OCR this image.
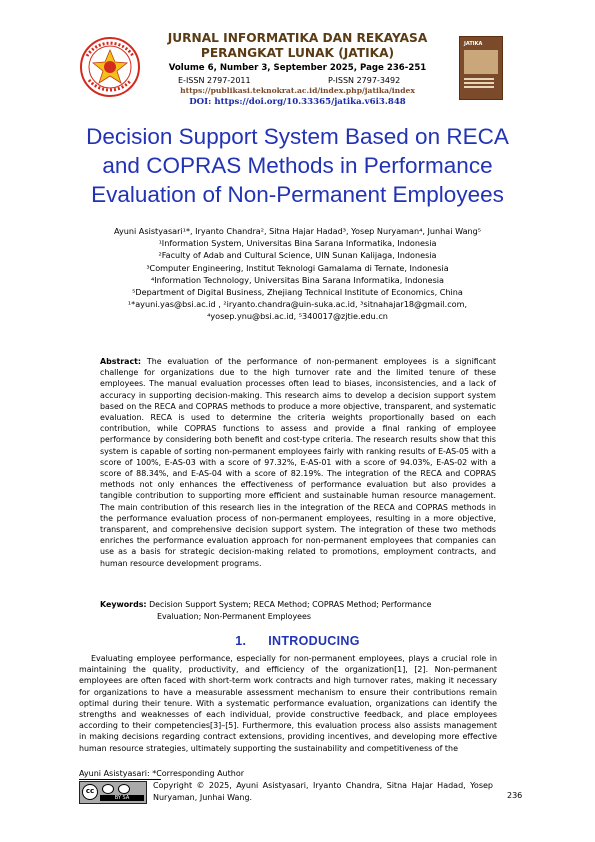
JURNAL INFORMATIKA DAN REKAYASA
PERANGKAT LUNAK (JATIKA)
Volume 6, Number 3, September 2025, Page 236-251
E-ISSN 2797-2011	P-ISSN 2797-3492
https://publikasi.teknokrat.ac.id/index.php/jatika/index
DOI: https://doi.org/10.33365/jatika.v6i3.848
JATIKA
Decision Support System Based on RECA
and COPRAS Methods in Performance
Evaluation of Non-Permanent Employees
Ayuni Asistyasari¹*, Iryanto Chandra², Sitna Hajar Hadad³, Yosep Nuryaman⁴, Junhai Wang⁵
¹Information System, Universitas Bina Sarana Informatika, Indonesia
²Faculty of Adab and Cultural Science, UIN Sunan Kalijaga, Indonesia
³Computer Engineering, Institut Teknologi Gamalama di Ternate, Indonesia
⁴Information Technology, Universitas Bina Sarana Informatika, Indonesia
⁵Department of Digital Business, Zhejiang Technical Institute of Economics, China
¹*ayuni.yas@bsi.ac.id , ²iryanto.chandra@uin-suka.ac.id, ³sitnahajar18@gmail.com,
⁴yosep.ynu@bsi.ac.id, ⁵340017@zjtie.edu.cn
Abstract: The evaluation of the performance of non-permanent employees is a significant challenge for organizations due to the high turnover rate and the limited tenure of these employees. The manual evaluation processes often lead to biases, inconsistencies, and a lack of accuracy in supporting decision-making. This research aims to develop a decision support system based on the RECA and COPRAS methods to produce a more objective, transparent, and systematic evaluation. RECA is used to determine the criteria weights proportionally based on each contribution, while COPRAS functions to assess and provide a final ranking of employee performance by considering both benefit and cost-type criteria. The research results show that this system is capable of sorting non-permanent employees fairly with ranking results of E-AS-05 with a score of 100%, E-AS-03 with a score of 97.32%, E-AS-01 with a score of 94.03%, E-AS-02 with a score of 88.34%, and E-AS-04 with a score of 82.19%. The integration of the RECA and COPRAS methods not only enhances the effectiveness of performance evaluation but also provides a tangible contribution to supporting more efficient and sustainable human resource management. The main contribution of this research lies in the integration of the RECA and COPRAS methods in the performance evaluation process of non-permanent employees, resulting in a more objective, transparent, and comprehensive decision support system. The integration of these two methods enriches the performance evaluation approach for non-permanent employees that companies can use as a basis for strategic decision-making related to promotions, employment contracts, and human resource development programs.
Keywords: Decision Support System; RECA Method; COPRAS Method; Performance
Evaluation; Non-Permanent Employees
1. INTRODUCING
Evaluating employee performance, especially for non-permanent employees, plays a crucial role in maintaining the quality, productivity, and efficiency of the organization[1], [2]. Non-permanent employees are often faced with short-term work contracts and high turnover rates, making it necessary for organizations to have a measurable assessment mechanism to ensure their contributions remain optimal during their tenure. With a systematic performance evaluation, organizations can identify the strengths and weaknesses of each individual, provide constructive feedback, and place employees according to their competencies[3]–[5]. Furthermore, this evaluation process also assists management in making decisions regarding contract extensions, providing incentives, and developing more effective human resource strategies, ultimately supporting the sustainability and competitiveness of the
Ayuni Asistyasari: *Corresponding Author
cc
BY SA
Copyright © 2025, Ayuni Asistyasari, Iryanto Chandra, Sitna Hajar Hadad, Yosep Nuryaman, Junhai Wang.	236
